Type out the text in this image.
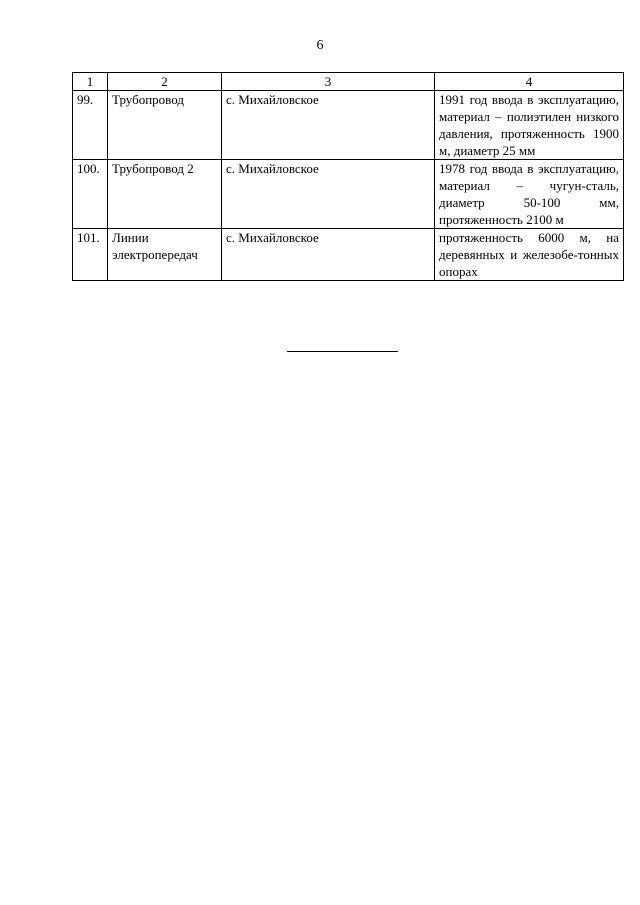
6
1	2	3	4
99.	Трубопровод	с. Михайловское	1991 год ввода в эксплуатацию, материал – полиэтилен низкого давления, протяженность 1900 м, диаметр 25 мм
100.	Трубопровод 2	с. Михайловское	1978 год ввода в эксплуатацию, материал – чугун-сталь, диаметр 50-100 мм, протяженность 2100 м
101.	Линии электропередач	с. Михайловское	протяженность 6000 м, на деревянных и железобе-тонных опорах
